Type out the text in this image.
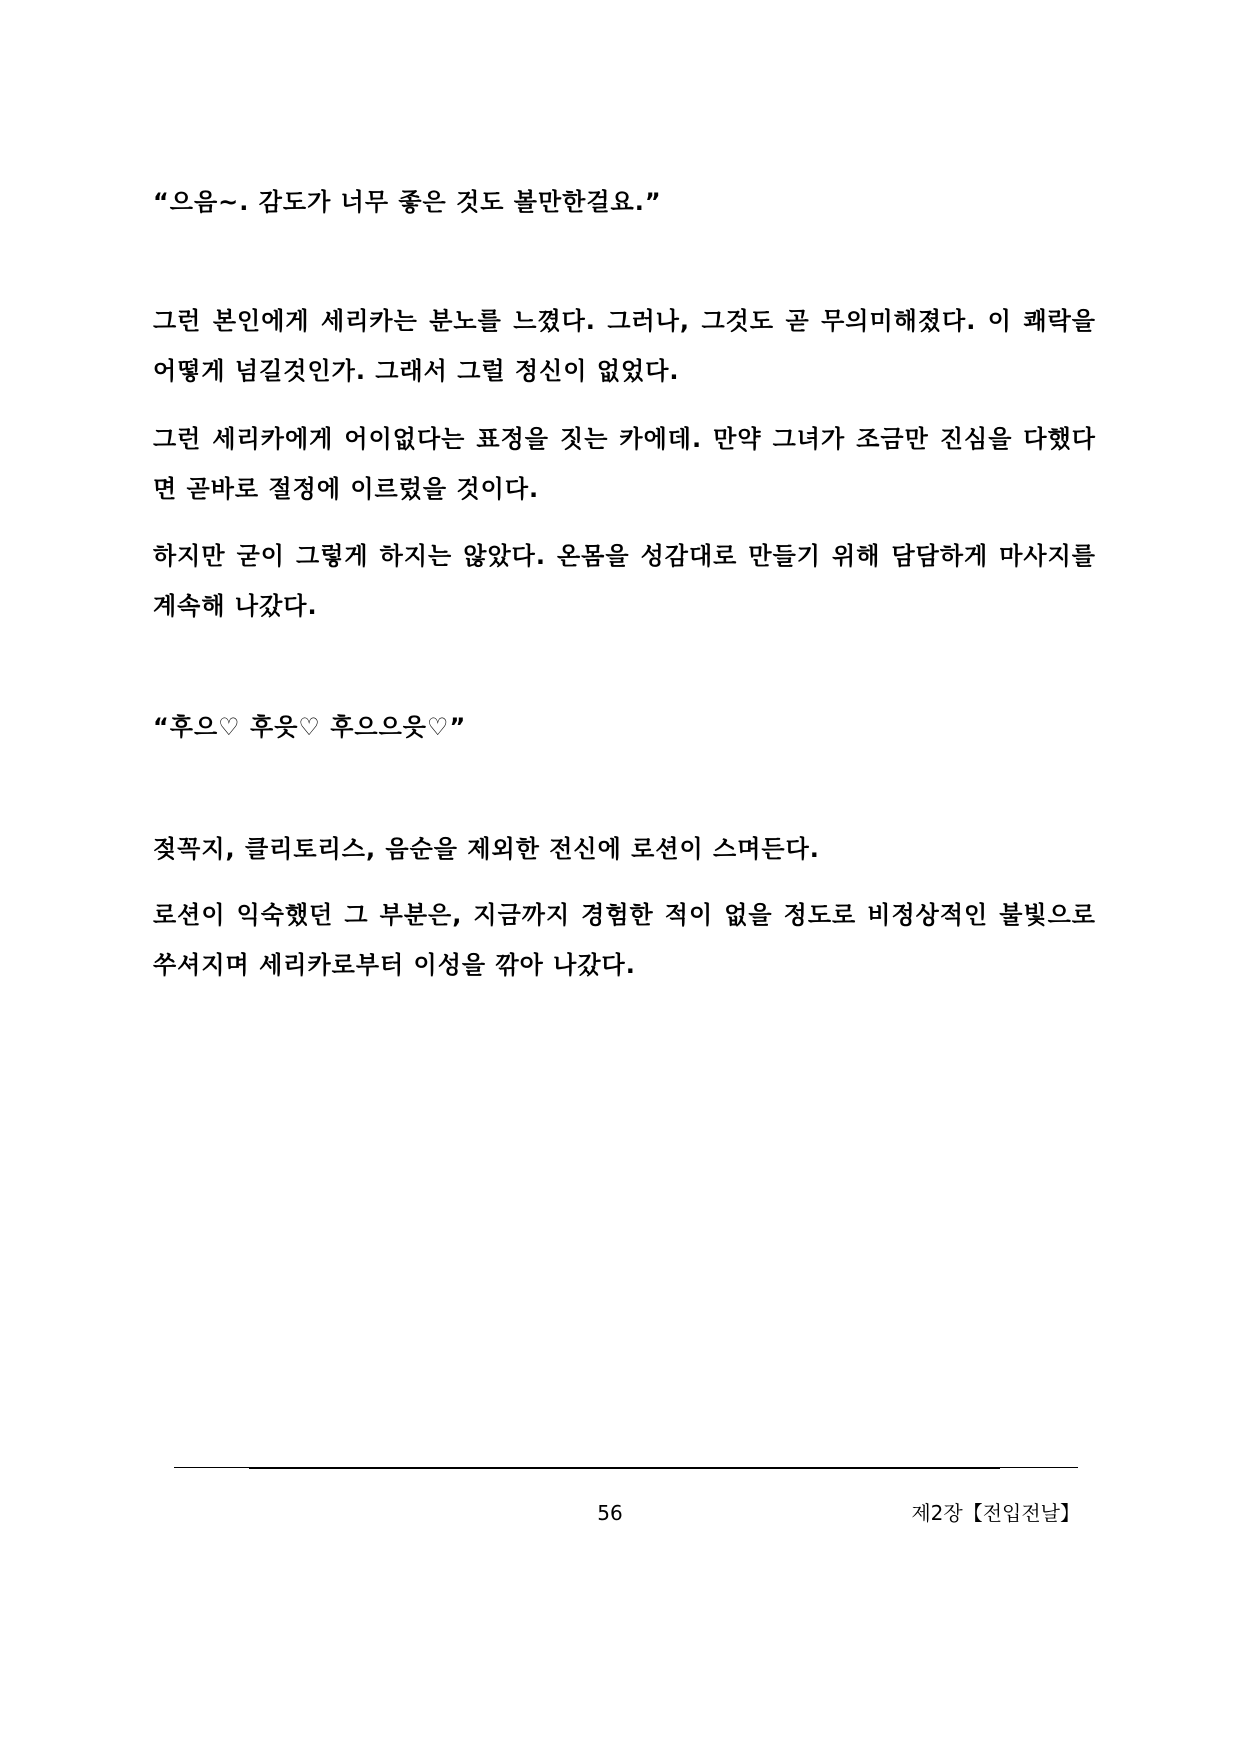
“으음~. 감도가 너무 좋은 것도 볼만한걸요.”

그런 본인에게 세리카는 분노를 느꼈다. 그러나, 그것도 곧 무의미해졌다. 이 쾌락을 어떻게 넘길것인가. 그래서 그럴 정신이 없었다.

그런 세리카에게 어이없다는 표정을 짓는 카에데. 만약 그녀가 조금만 진심을 다했다면 곧바로 절정에 이르렀을 것이다.

하지만 굳이 그렇게 하지는 않았다. 온몸을 성감대로 만들기 위해 담담하게 마사지를 계속해 나갔다.

“후으♡ 후읏♡ 후으으읏♡”

젖꼭지, 클리토리스, 음순을 제외한 전신에 로션이 스며든다.

로션이 익숙했던 그 부분은, 지금까지 경험한 적이 없을 정도로 비정상적인 불빛으로 쑤셔지며 세리카로부터 이성을 깎아 나갔다.

56	제2장【전입전날】
